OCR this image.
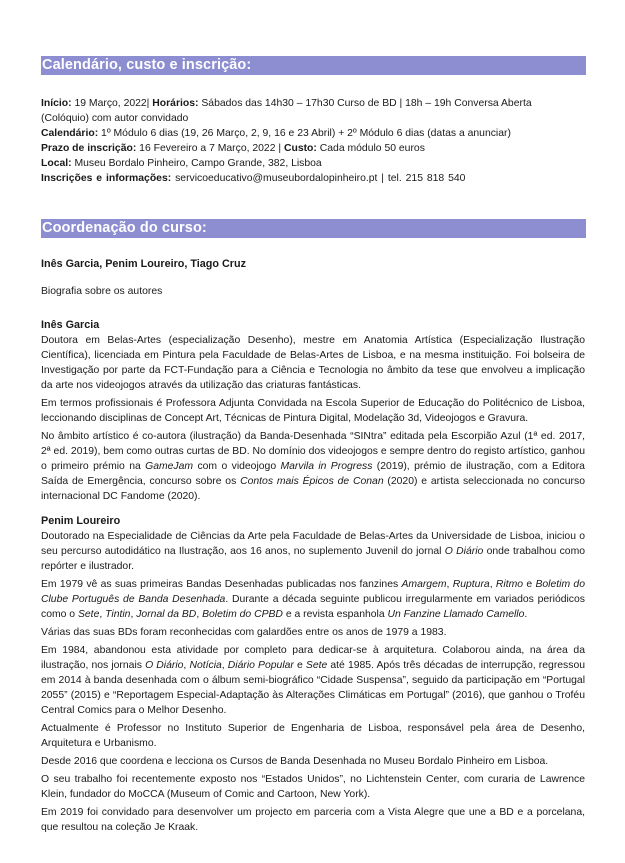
Calendário, custo e inscrição:

Início: 19 Março, 2022| Horários: Sábados das 14h30 – 17h30 Curso de BD | 18h – 19h Conversa Aberta

(Colóquio) com autor convidado

Calendário: 1º Módulo 6 dias (19, 26 Março, 2, 9, 16 e 23 Abril) + 2º Módulo 6 dias (datas a anunciar)

Prazo de inscrição: 16 Fevereiro a 7 Março, 2022 | Custo: Cada módulo 50 euros

Local: Museu Bordalo Pinheiro, Campo Grande, 382, Lisboa

Inscrições e informações: servicoeducativo@museubordalopinheiro.pt | tel. 215 818 540

Coordenação do curso:

Inês Garcia, Penim Loureiro, Tiago Cruz

Biografia sobre os autores

Inês Garcia

Doutora em Belas-Artes (especialização Desenho), mestre em Anatomia Artística (Especialização Ilustração Científica), licenciada em Pintura pela Faculdade de Belas-Artes de Lisboa, e na mesma instituição. Foi bolseira de Investigação por parte da FCT-Fundação para a Ciência e Tecnologia no âmbito da tese que envolveu a implicação da arte nos videojogos através da utilização das criaturas fantásticas.

Em termos profissionais é Professora Adjunta Convidada na Escola Superior de Educação do Politécnico de Lisboa, leccionando disciplinas de Concept Art, Técnicas de Pintura Digital, Modelação 3d, Videojogos e Gravura.

No âmbito artístico é co-autora (ilustração) da Banda-Desenhada “SINtra” editada pela Escorpião Azul (1ª ed. 2017, 2ª ed. 2019), bem como outras curtas de BD. No domínio dos videojogos e sempre dentro do registo artístico, ganhou o primeiro prémio na GameJam com o videojogo Marvila in Progress (2019), prémio de ilustração, com a Editora Saída de Emergência, concurso sobre os Contos mais Épicos de Conan (2020) e artista seleccionada no concurso internacional DC Fandome (2020).

Penim Loureiro

Doutorado na Especialidade de Ciências da Arte pela Faculdade de Belas-Artes da Universidade de Lisboa, iniciou o seu percurso autodidático na Ilustração, aos 16 anos, no suplemento Juvenil do jornal O Diário onde trabalhou como repórter e ilustrador.

Em 1979 vê as suas primeiras Bandas Desenhadas publicadas nos fanzines Amargem, Ruptura, Ritmo e Boletim do Clube Português de Banda Desenhada. Durante a década seguinte publicou irregularmente em variados periódicos como o Sete, Tintin, Jornal da BD, Boletim do CPBD e a revista espanhola Un Fanzine Llamado Camello.

Várias das suas BDs foram reconhecidas com galardões entre os anos de 1979 a 1983.

Em 1984, abandonou esta atividade por completo para dedicar-se à arquitetura. Colaborou ainda, na área da ilustração, nos jornais O Diário, Notícia, Diário Popular e Sete até 1985. Após três décadas de interrupção, regressou em 2014 à banda desenhada com o álbum semi-biográfico “Cidade Suspensa”, seguido da participação em “Portugal 2055” (2015) e “Reportagem Especial-Adaptação às Alterações Climáticas em Portugal” (2016), que ganhou o Troféu Central Comics para o Melhor Desenho.

Actualmente é Professor no Instituto Superior de Engenharia de Lisboa, responsável pela área de Desenho, Arquitetura e Urbanismo.

Desde 2016 que coordena e lecciona os Cursos de Banda Desenhada no Museu Bordalo Pinheiro em Lisboa.

O seu trabalho foi recentemente exposto nos “Estados Unidos”, no Lichtenstein Center, com curaria de Lawrence Klein, fundador do MoCCA (Museum of Comic and Cartoon, New York).

Em 2019 foi convidado para desenvolver um projecto em parceria com a Vista Alegre que une a BD e a porcelana, que resultou na coleção Je Kraak.
